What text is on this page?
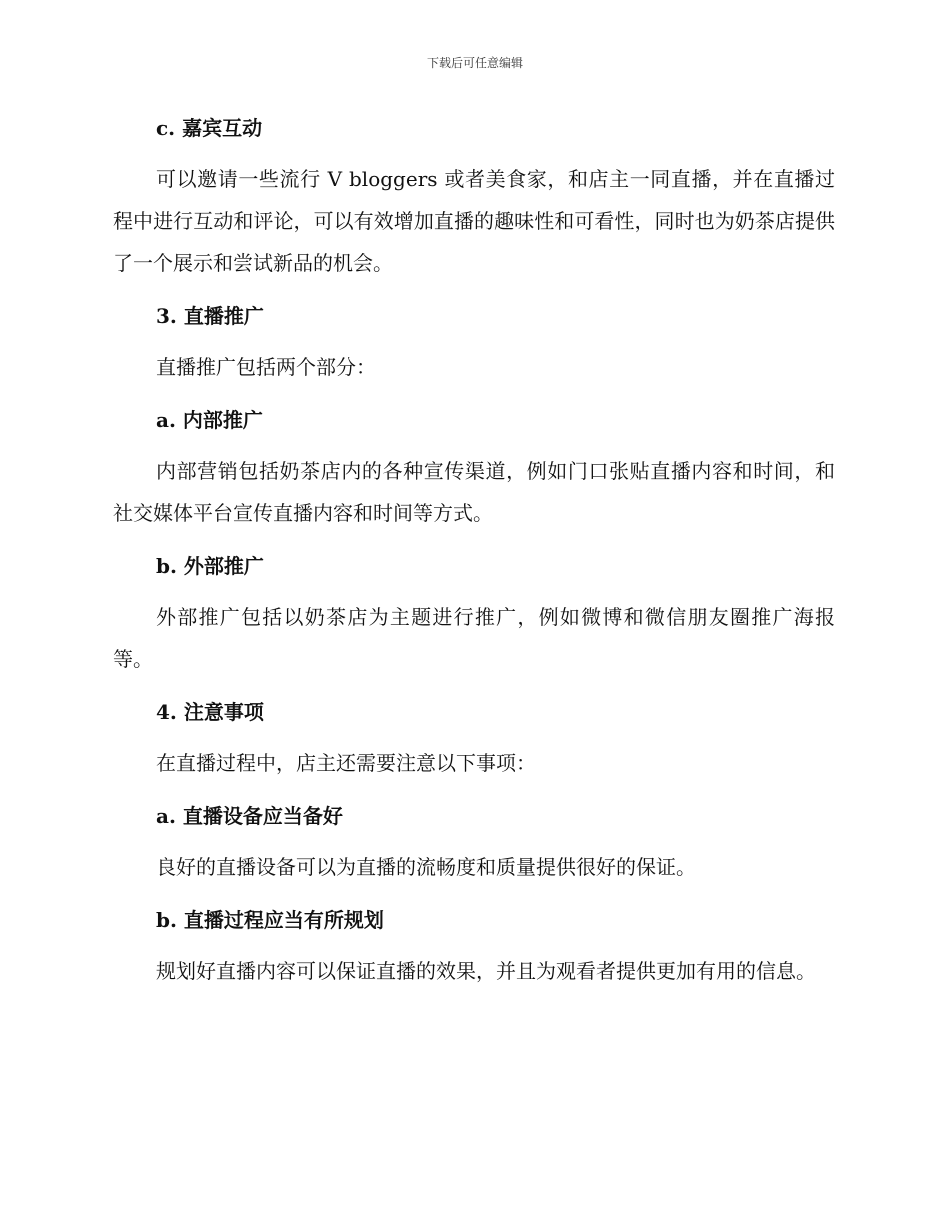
下载后可任意编辑
c. 嘉宾互动

可以邀请一些流行 V bloggers 或者美食家，和店主一同直播，并在直播过程中进行互动和评论，可以有效增加直播的趣味性和可看性，同时也为奶茶店提供了一个展示和尝试新品的机会。

3. 直播推广

直播推广包括两个部分：

a. 内部推广

内部营销包括奶茶店内的各种宣传渠道，例如门口张贴直播内容和时间，和社交媒体平台宣传直播内容和时间等方式。

b. 外部推广

外部推广包括以奶茶店为主题进行推广，例如微博和微信朋友圈推广海报等。

4. 注意事项

在直播过程中，店主还需要注意以下事项：

a. 直播设备应当备好

良好的直播设备可以为直播的流畅度和质量提供很好的保证。

b. 直播过程应当有所规划

规划好直播内容可以保证直播的效果，并且为观看者提供更加有用的信息。
